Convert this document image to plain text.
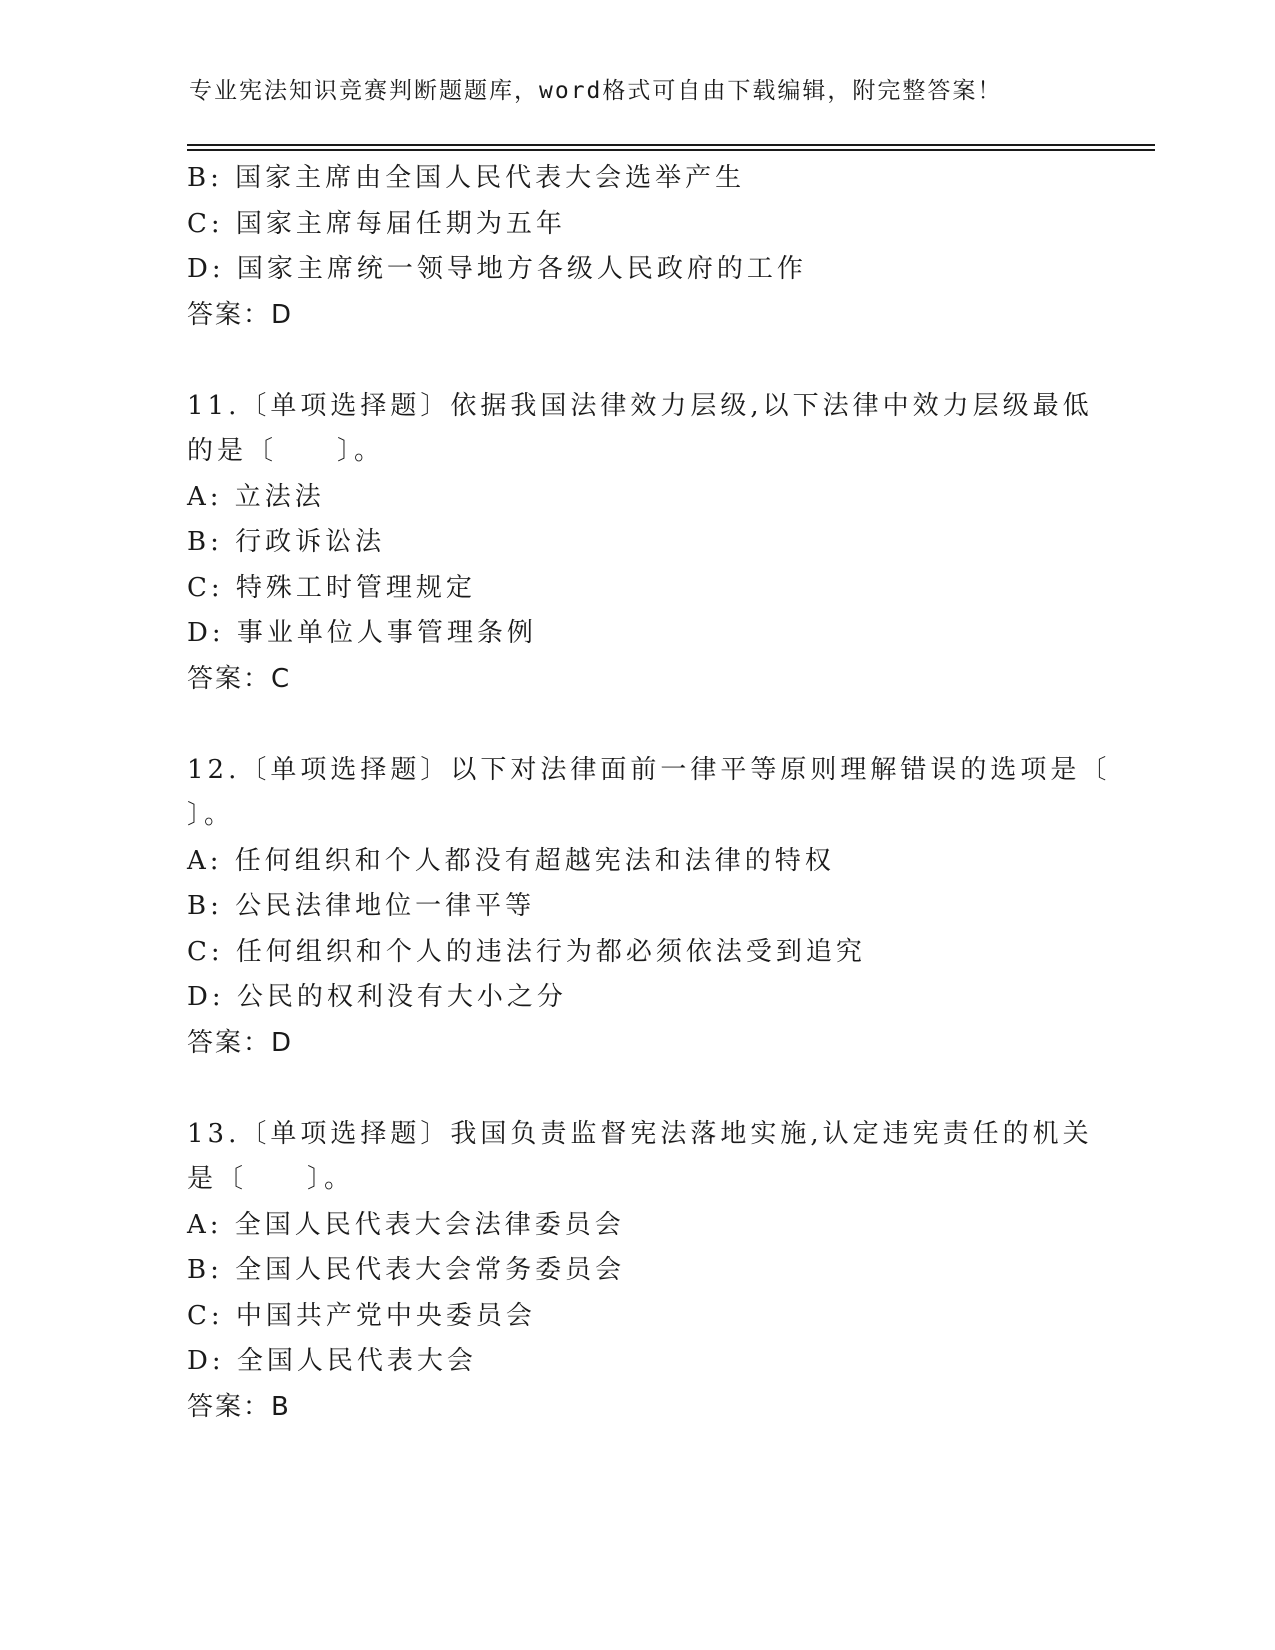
专业宪法知识竞赛判断题题库，word格式可自由下载编辑，附完整答案！
B: 国家主席由全国人民代表大会选举产生
C: 国家主席每届任期为五年
D: 国家主席统一领导地方各级人民政府的工作
答案：D
11.〔单项选择题〕依据我国法律效力层级,以下法律中效力层级最低
的是〔　　〕。
A: 立法法
B: 行政诉讼法
C: 特殊工时管理规定
D: 事业单位人事管理条例
答案：C
12.〔单项选择题〕以下对法律面前一律平等原则理解错误的选项是〔
〕。
A: 任何组织和个人都没有超越宪法和法律的特权
B: 公民法律地位一律平等
C: 任何组织和个人的违法行为都必须依法受到追究
D: 公民的权利没有大小之分
答案：D
13.〔单项选择题〕我国负责监督宪法落地实施,认定违宪责任的机关
是〔　　〕。
A: 全国人民代表大会法律委员会
B: 全国人民代表大会常务委员会
C: 中国共产党中央委员会
D: 全国人民代表大会
答案：B
